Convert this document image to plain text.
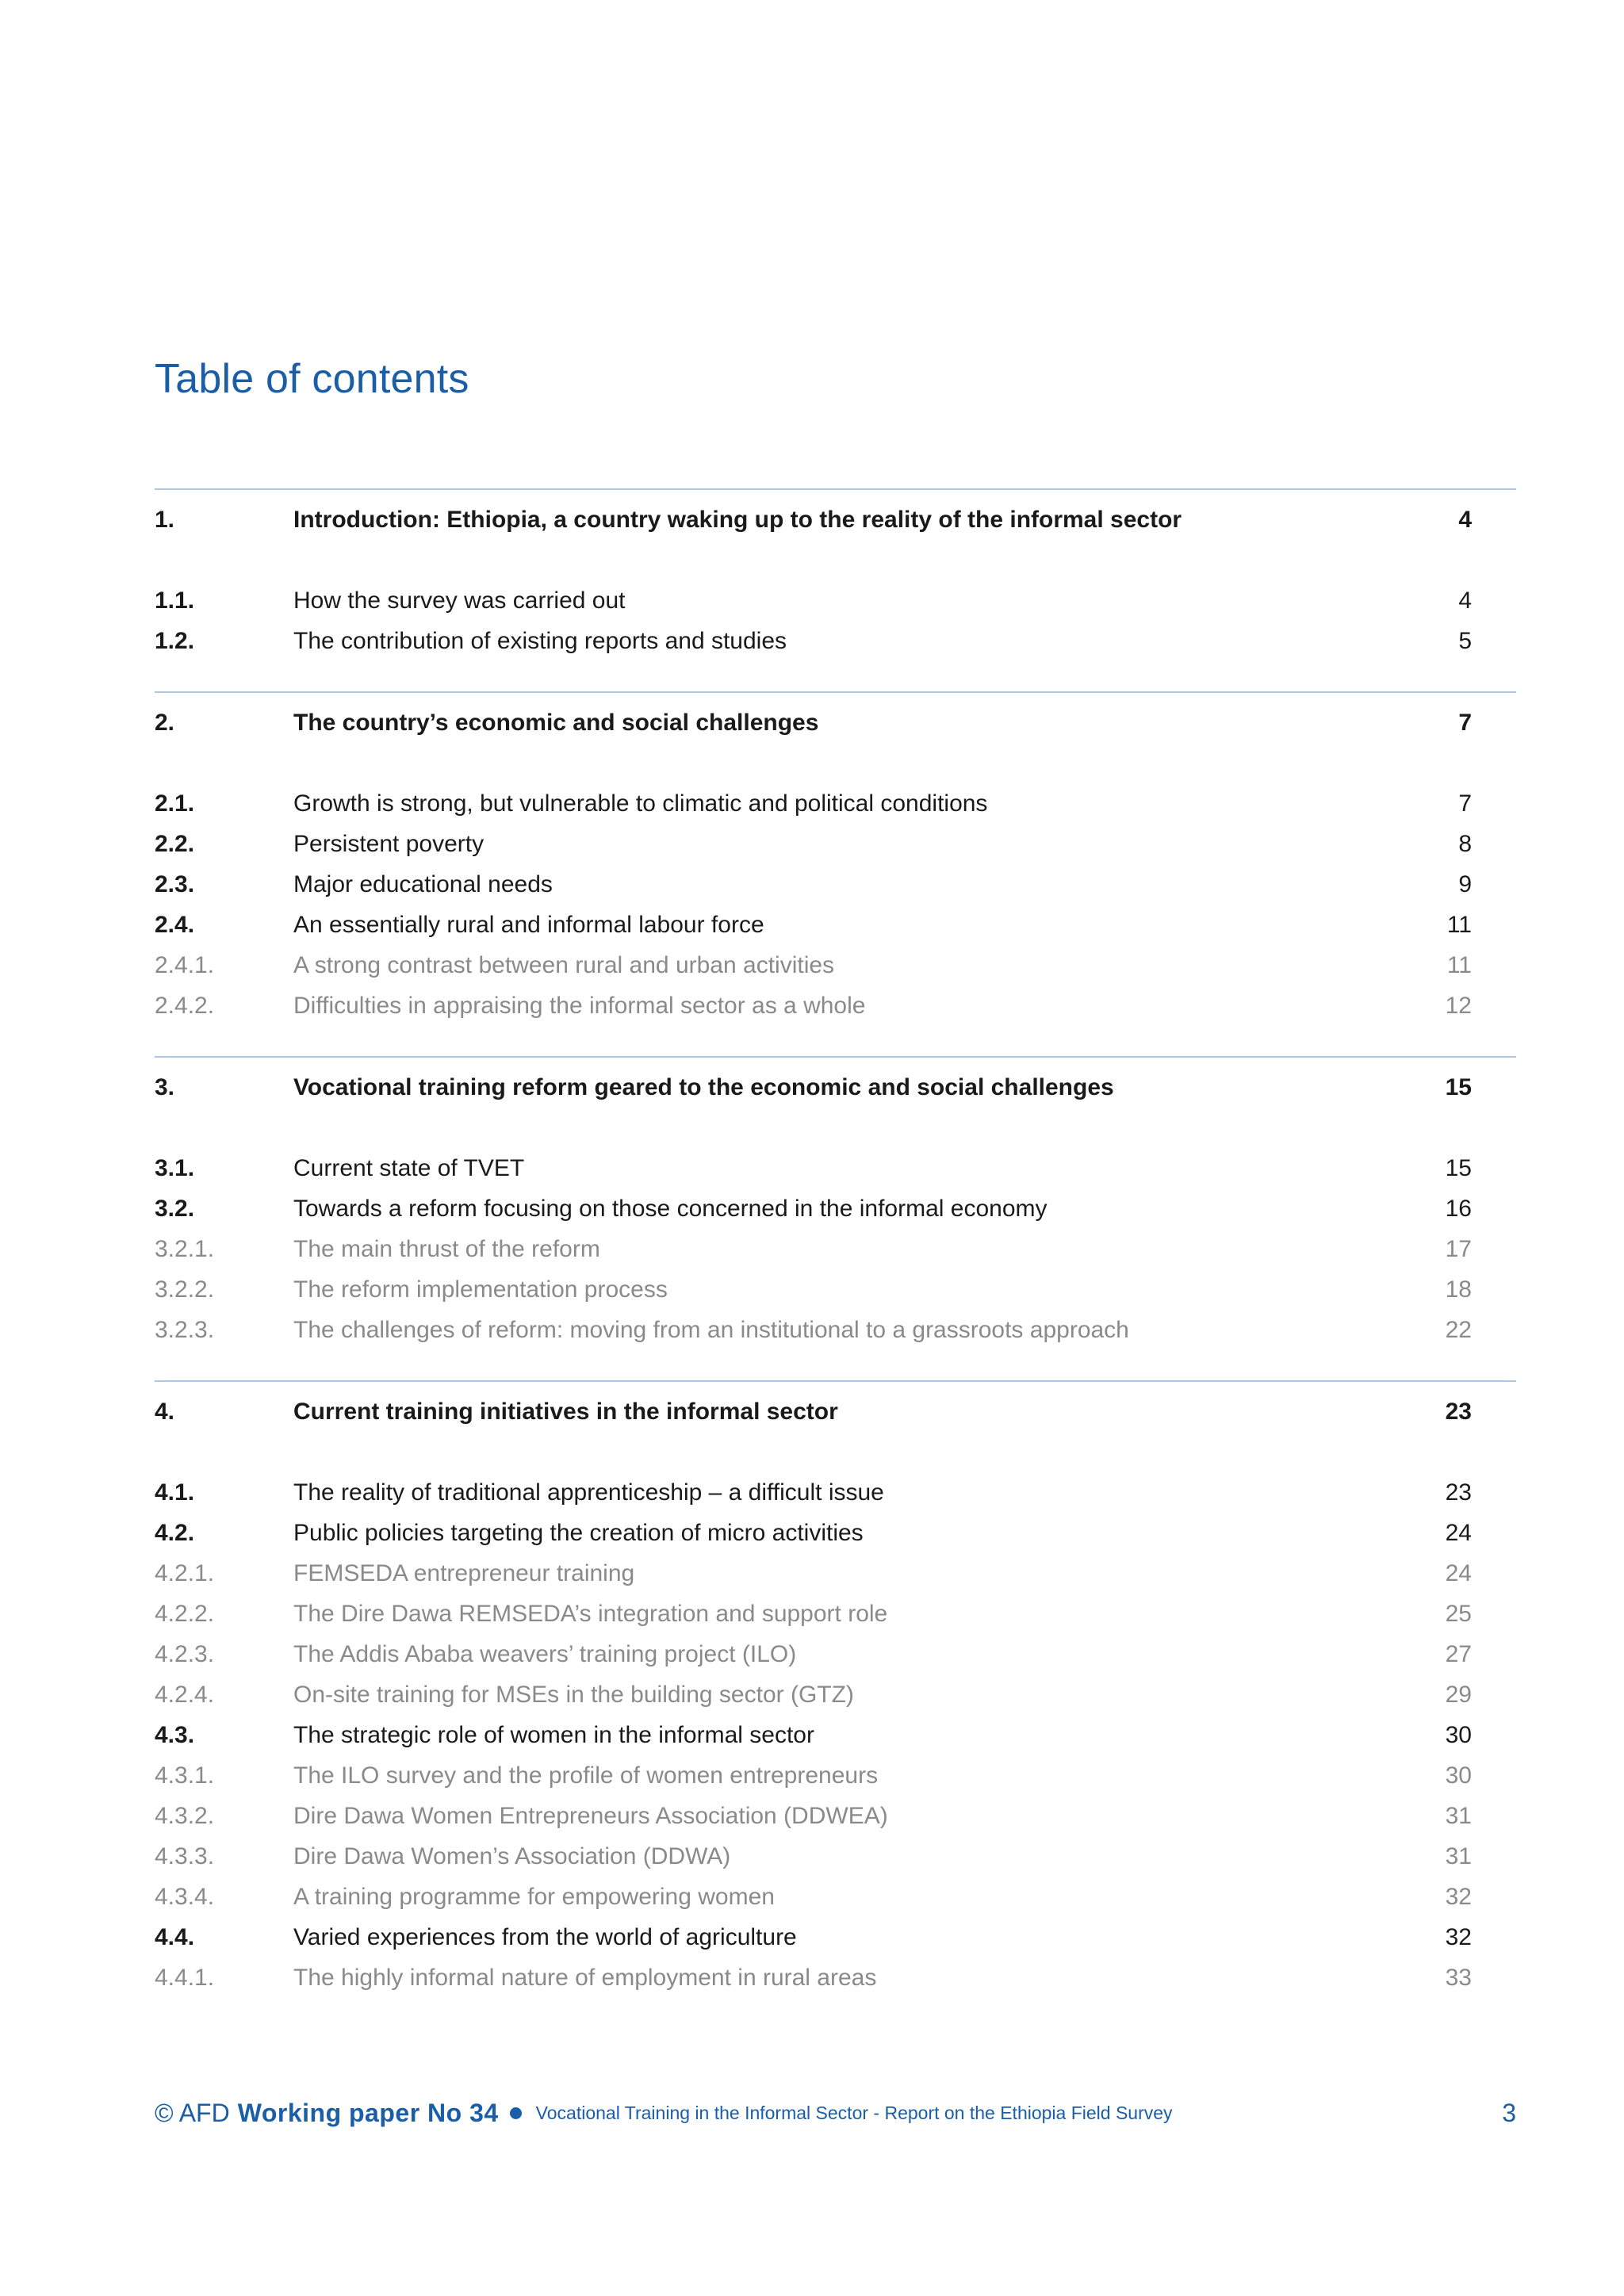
Table of contents
1.	Introduction: Ethiopia, a country waking up to the reality of the informal sector	4
1.1.	How the survey was carried out	4
1.2.	The contribution of existing reports and studies	5
2.	The country’s economic and social challenges	7
2.1.	Growth is strong, but vulnerable to climatic and political conditions	7
2.2.	Persistent poverty	8
2.3.	Major educational needs	9
2.4.	An essentially rural and informal labour force	11
2.4.1.	A strong contrast between rural and urban activities	11
2.4.2.	Difficulties in appraising the informal sector as a whole	12
3.	Vocational training reform geared to the economic and social challenges	15
3.1.	Current state of TVET	15
3.2.	Towards a reform focusing on those concerned in the informal economy	16
3.2.1.	The main thrust of the reform	17
3.2.2.	The reform implementation process	18
3.2.3.	The challenges of reform: moving from an institutional to a grassroots approach	22
4.	Current training initiatives in the informal sector	23
4.1.	The reality of traditional apprenticeship – a difficult issue	23
4.2.	Public policies targeting the creation of micro activities	24
4.2.1.	FEMSEDA entrepreneur training	24
4.2.2.	The Dire Dawa REMSEDA’s integration and support role	25
4.2.3.	The Addis Ababa weavers’ training project (ILO)	27
4.2.4.	On-site training for MSEs in the building sector (GTZ)	29
4.3.	The strategic role of women in the informal sector	30
4.3.1.	The ILO survey and the profile of women entrepreneurs	30
4.3.2.	Dire Dawa Women Entrepreneurs Association (DDWEA)	31
4.3.3.	Dire Dawa Women’s Association (DDWA)	31
4.3.4.	A training programme for empowering women	32
4.4.	Varied experiences from the world of agriculture	32
4.4.1.	The highly informal nature of employment in rural areas	33
© AFD Working paper No 34 Vocational Training in the Informal Sector - Report on the Ethiopia Field Survey	3
